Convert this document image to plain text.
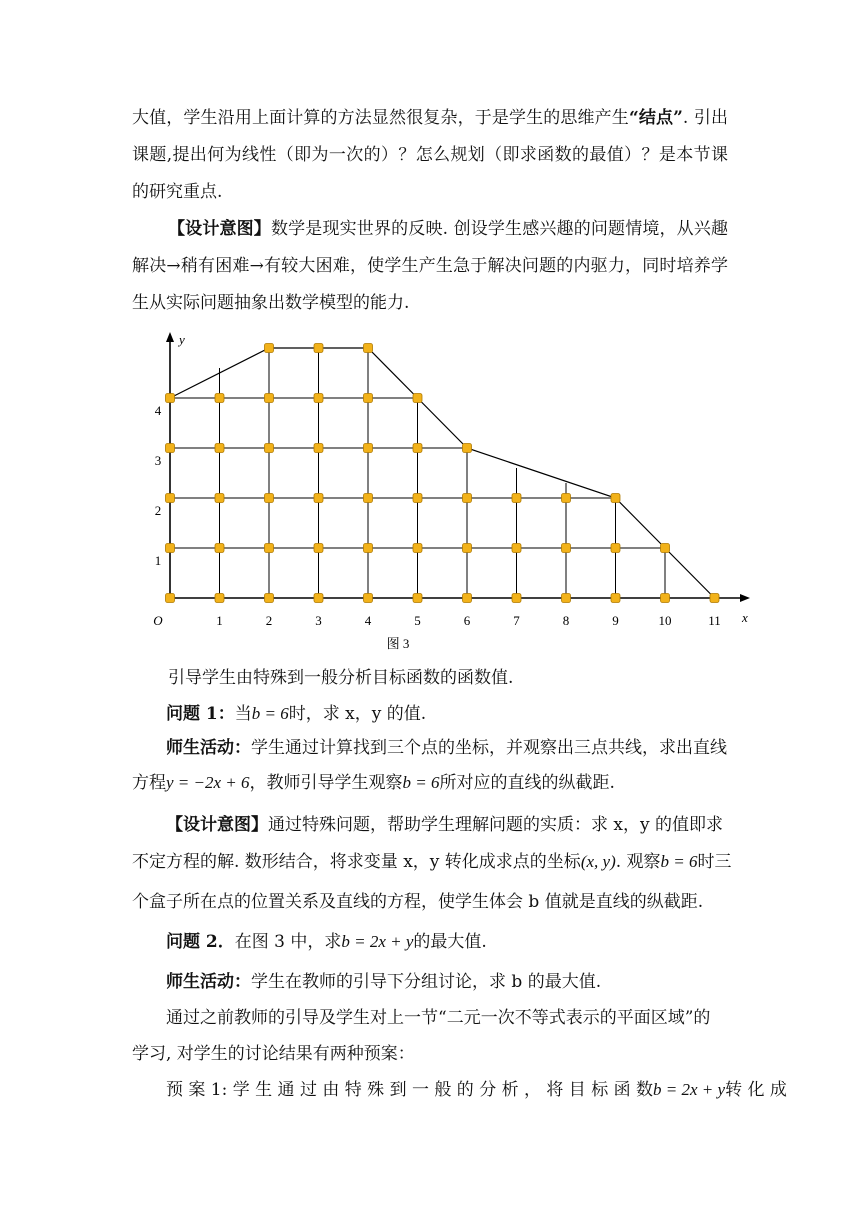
大值，学生沿用上面计算的方法显然很复杂，于是学生的思维产生“结点”. 引出课题,提出何为线性（即为一次的）？怎么规划（即求函数的最值）？是本节课的研究重点.

【设计意图】数学是现实世界的反映. 创设学生感兴趣的问题情境，从兴趣解决→稍有困难→有较大困难，使学生产生急于解决问题的内驱力，同时培养学生从实际问题抽象出数学模型的能力.

1	2	3	4	5	6	7	8	9	10	11
1
2
3
4
O	x
y
图 3
引导学生由特殊到一般分析目标函数的函数值.
问题 1：当b = 6时，求 x，y 的值.
师生活动：学生通过计算找到三个点的坐标，并观察出三点共线，求出直线
方程y = −2x + 6，教师引导学生观察b = 6所对应的直线的纵截距.
【设计意图】通过特殊问题，帮助学生理解问题的实质：求 x，y 的值即求
不定方程的解. 数形结合，将求变量 x，y 转化成求点的坐标(x, y). 观察b = 6时三
个盒子所在点的位置关系及直线的方程，使学生体会 b 值就是直线的纵截距.
问题 2．在图 3 中，求b = 2x + y的最大值.
师生活动：学生在教师的引导下分组讨论，求 b 的最大值.
通过之前教师的引导及学生对上一节“二元一次不等式表示的平面区域”的
学习, 对学生的讨论结果有两种预案：
预 案 1: 学 生 通 过 由 特 殊 到 一 般 的 分 析 ， 将 目 标 函 数b = 2x + y转 化 成
